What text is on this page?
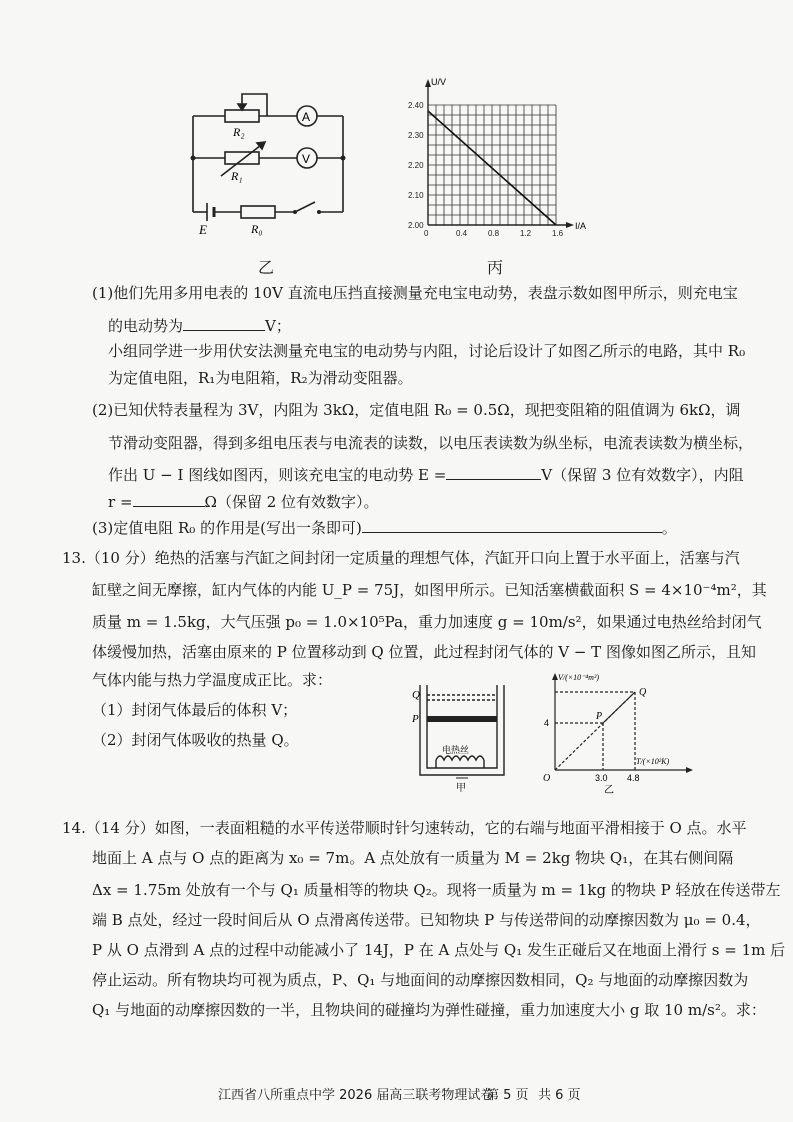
A
V
R₂
R₁
R₀
E
乙
0	0.4	0.8	1.2	1.6
2.00
2.10
2.20
2.30
2.40
U/V
I/A
丙
(1)他们先用多用电表的 10V 直流电压挡直接测量充电宝电动势，表盘示数如图甲所示，则充电宝
的电动势为	V；
小组同学进一步用伏安法测量充电宝的电动势与内阻，讨论后设计了如图乙所示的电路，其中 R₀
为定值电阻，R₁为电阻箱，R₂为滑动变阻器。
(2)已知伏特表量程为 3V，内阻为 3kΩ，定值电阻 R₀ = 0.5Ω，现把变阻箱的阻值调为 6kΩ，调
节滑动变阻器，得到多组电压表与电流表的读数，以电压表读数为纵坐标，电流表读数为横坐标，
作出 U − I 图线如图丙，则该充电宝的电动势 E =	V（保留 3 位有效数字），内阻
r =	Ω（保留 2 位有效数字）。
(3)定值电阻 R₀ 的作用是(写出一条即可)	。
13.（10 分）绝热的活塞与汽缸之间封闭一定质量的理想气体，汽缸开口向上置于水平面上，活塞与汽
缸壁之间无摩擦，缸内气体的内能 U_P = 75J，如图甲所示。已知活塞横截面积 S = 4×10⁻⁴m²，其
质量 m = 1.5kg，大气压强 p₀ = 1.0×10⁵Pa，重力加速度 g = 10m/s²，如果通过电热丝给封闭气
体缓慢加热，活塞由原来的 P 位置移动到 Q 位置，此过程封闭气体的 V − T 图像如图乙所示，且知
气体内能与热力学温度成正比。求：
（1）封闭气体最后的体积 V；
（2）封闭气体吸收的热量 Q。
Q
P
电热丝
甲
V/(×10⁻⁴m³)
T/(×10²K)
O
P
Q
4
3.0 4.8
乙
14.（14 分）如图，一表面粗糙的水平传送带顺时针匀速转动，它的右端与地面平滑相接于 O 点。水平
地面上 A 点与 O 点的距离为 x₀ = 7m。A 点处放有一质量为 M = 2kg 物块 Q₁，在其右侧间隔
Δx = 1.75m 处放有一个与 Q₁ 质量相等的物块 Q₂。现将一质量为 m = 1kg 的物块 P 轻放在传送带左
端 B 点处，经过一段时间后从 O 点滑离传送带。已知物块 P 与传送带间的动摩擦因数为 μ₀ = 0.4，
P 从 O 点滑到 A 点的过程中动能减小了 14J，P 在 A 点处与 Q₁ 发生正碰后又在地面上滑行 s = 1m 后
停止运动。所有物块均可视为质点，P、Q₁ 与地面间的动摩擦因数相同，Q₂ 与地面的动摩擦因数为
Q₁ 与地面的动摩擦因数的一半，且物块间的碰撞均为弹性碰撞，重力加速度大小 g 取 10 m/s²。求：
江西省八所重点中学 2026 届高三联考物理试卷
第 5 页 共 6 页
